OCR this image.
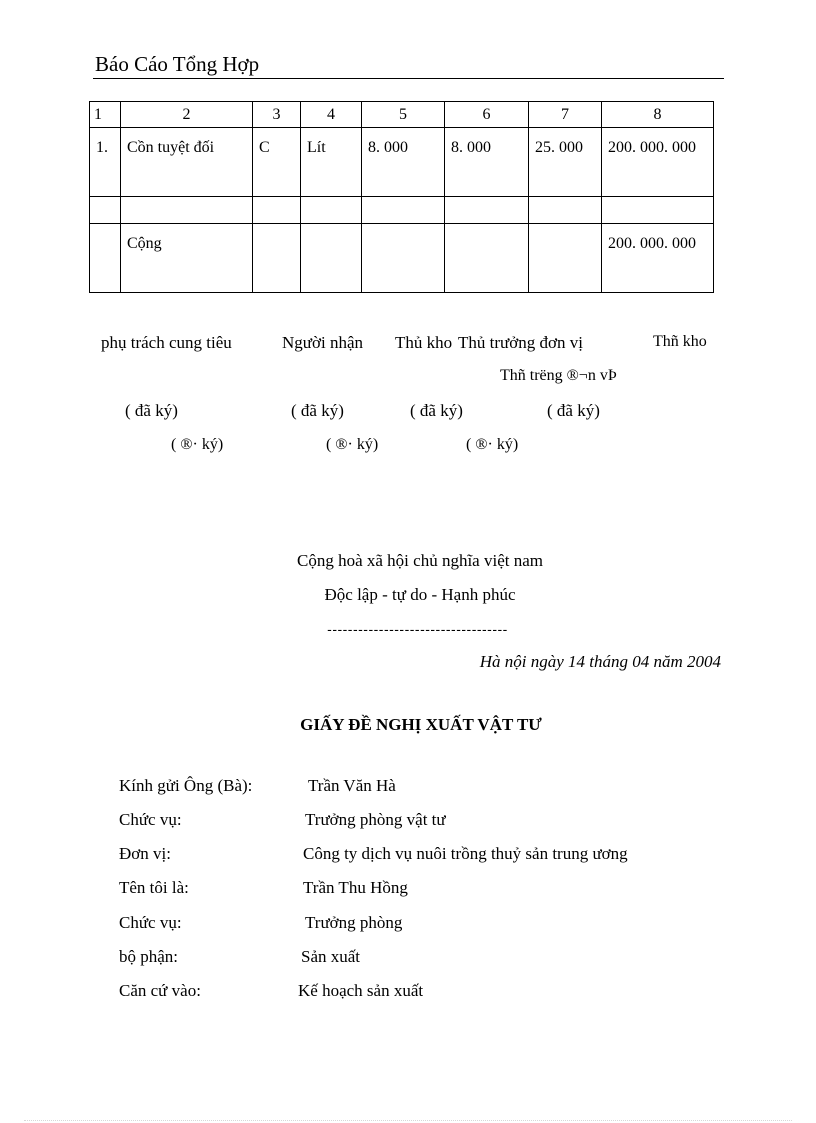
Báo Cáo Tổng Hợp
1	2	3	4	5	6	7	8
1.	Cồn tuyệt đối	C	Lít	8. 000	8. 000	25. 000	200. 000. 000

	Cộng						200. 000. 000
phụ trách cung tiêu	Người nhận Thủ kho Thủ trưởng đơn vị	Thñ kho
Thñ trëng ®¬n vÞ
( đã ký)	( đã ký)	( đã ký)	( đã ký)
( ®· ký)	( ®· ký)	( ®· ký)
Cộng hoà xã hội chủ nghĩa việt nam
Độc lập - tự do - Hạnh phúc
-----------------------------------
Hà nội ngày 14 tháng 04 năm 2004
GIẤY ĐỀ NGHỊ XUẤT VẬT TƯ
Kính gửi Ông (Bà):	Trần Văn Hà
Chức vụ:	Trưởng phòng vật tư
Đơn vị:	Công ty dịch vụ nuôi trồng thuỷ sản trung ương
Tên tôi là:	Trần Thu Hồng
Chức vụ:	Trưởng phòng
bộ phận:	Sản xuất
Căn cứ vào:	Kế hoạch sản xuất
